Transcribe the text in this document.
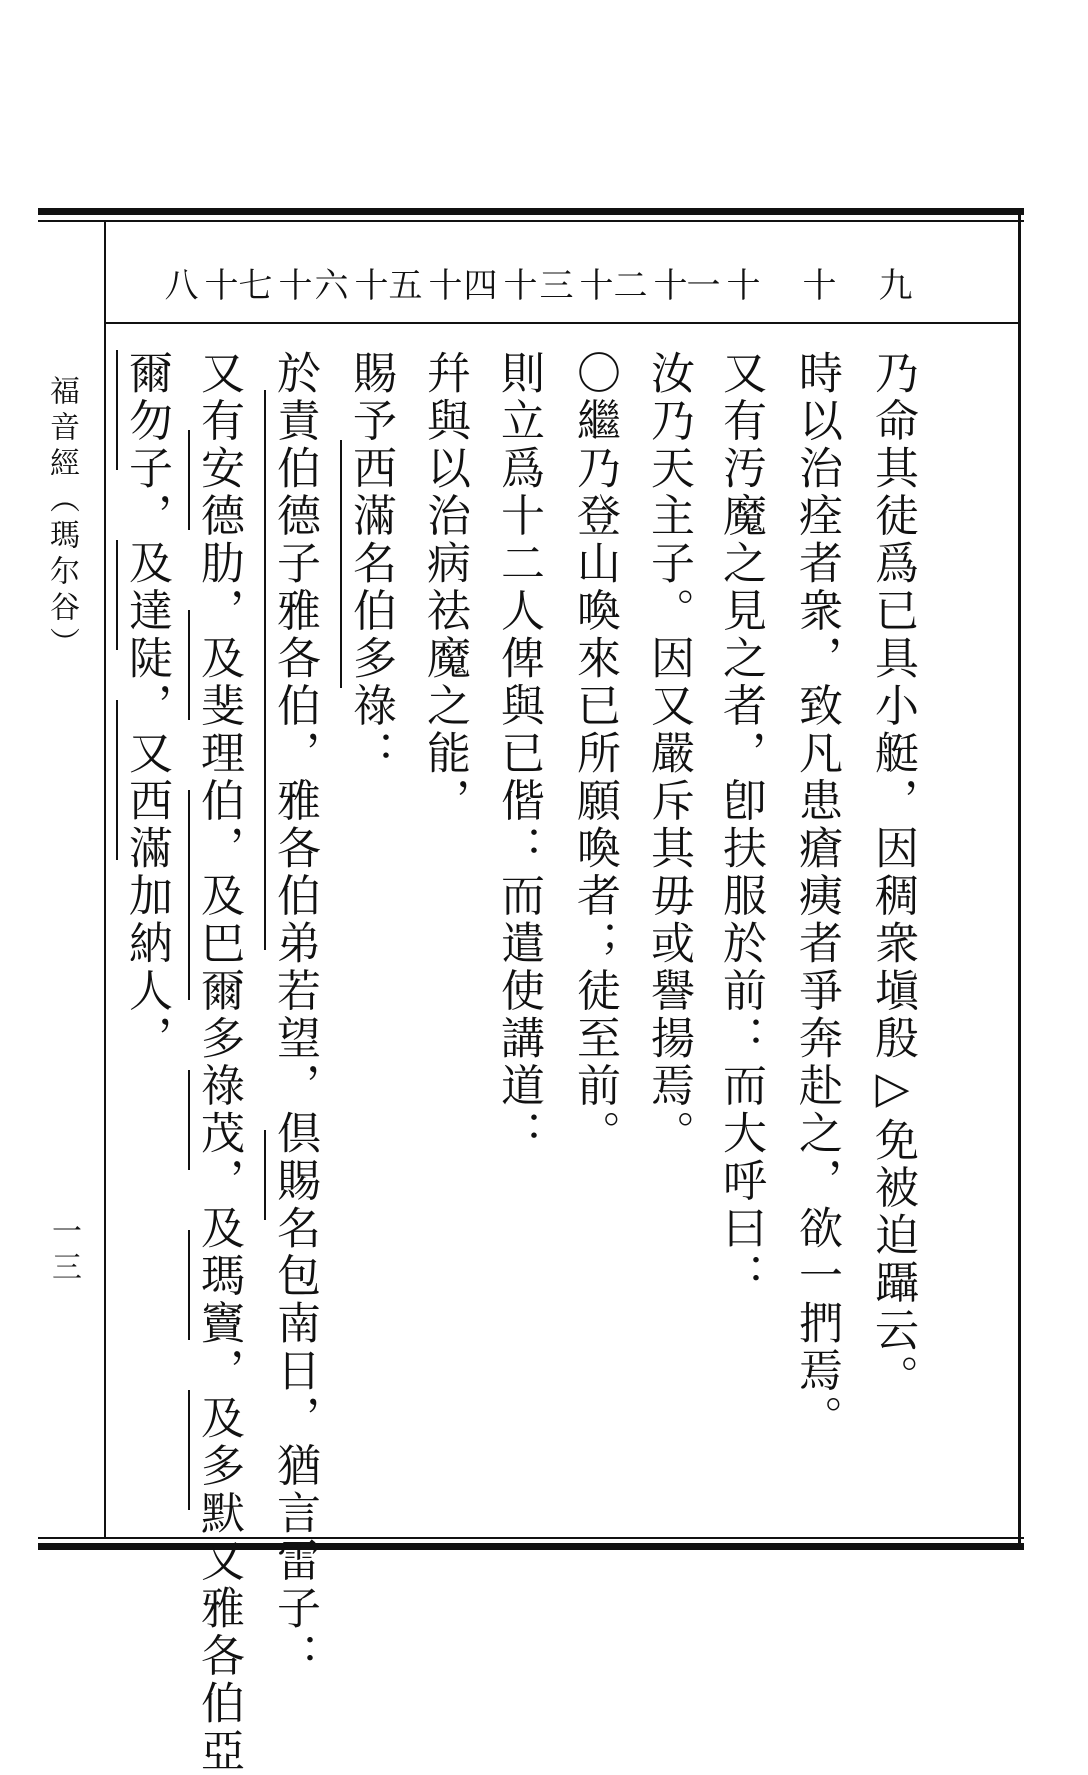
福音經（瑪尔谷）
一三
九
十
十一
十二
十三
十四
十五
十六
十七
十八
乃命其徒爲已具小艇，因稠衆塡殷▷免被迫躡云。
時以治痊者衆，致凡患瘡痍者爭奔赴之，欲一捫焉。
又有汚魔之見之者，卽扶服於前：而大呼曰：
汝乃天主子。因又嚴斥其毋或譽揚焉。
〇繼乃登山喚來已所願喚者；徒至前。
則立爲十二人俾與已偕：而遣使講道：
幷與以治病祛魔之能，
賜予西滿名伯多祿：
於責伯德子雅各伯，雅各伯弟若望，倶賜名包南日，猶言雷子：
又有安德肋，及斐理伯，及巴爾多祿茂，及瑪竇，及多默又雅各伯亞
爾勿子，及達陡，又西滿加納人，
